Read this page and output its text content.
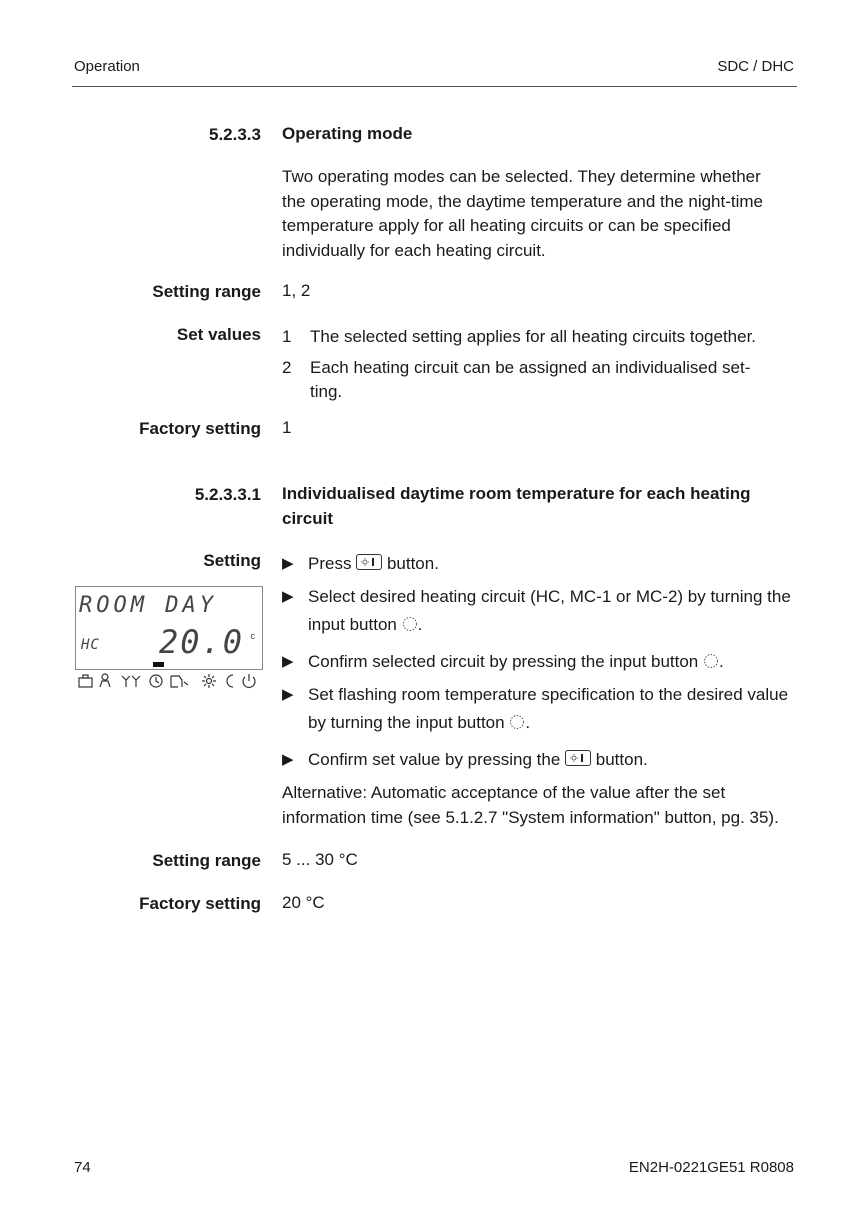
Operation	SDC / DHC
5.2.3.3 Operating mode
Two operating modes can be selected. They determine whether the operating mode, the daytime temperature and the night-time temperature apply for all heating circuits or can be specified individually for each heating circuit.
Setting range 1, 2
Set values 1	The selected setting applies for all heating circuits together.
2	Each heating circuit can be assigned an individualised set-ting.
Factory setting 1
5.2.3.3.1 Individualised daytime room temperature for each heating circuit
Setting
ROOM DAY
HC 20.0 c
▶ Press button.
▶ Select desired heating circuit (HC, MC-1 or MC-2) by turning the input button .
▶ Confirm selected circuit by pressing the input button .
▶ Set flashing room temperature specification to the desired value by turning the input button .
▶ Confirm set value by pressing the button.
Alternative: Automatic acceptance of the value after the set information time (see 5.1.2.7 "System information" button, pg. 35).
Setting range 5 ... 30 °C
Factory setting 20 °C
74	EN2H-0221GE51 R0808
